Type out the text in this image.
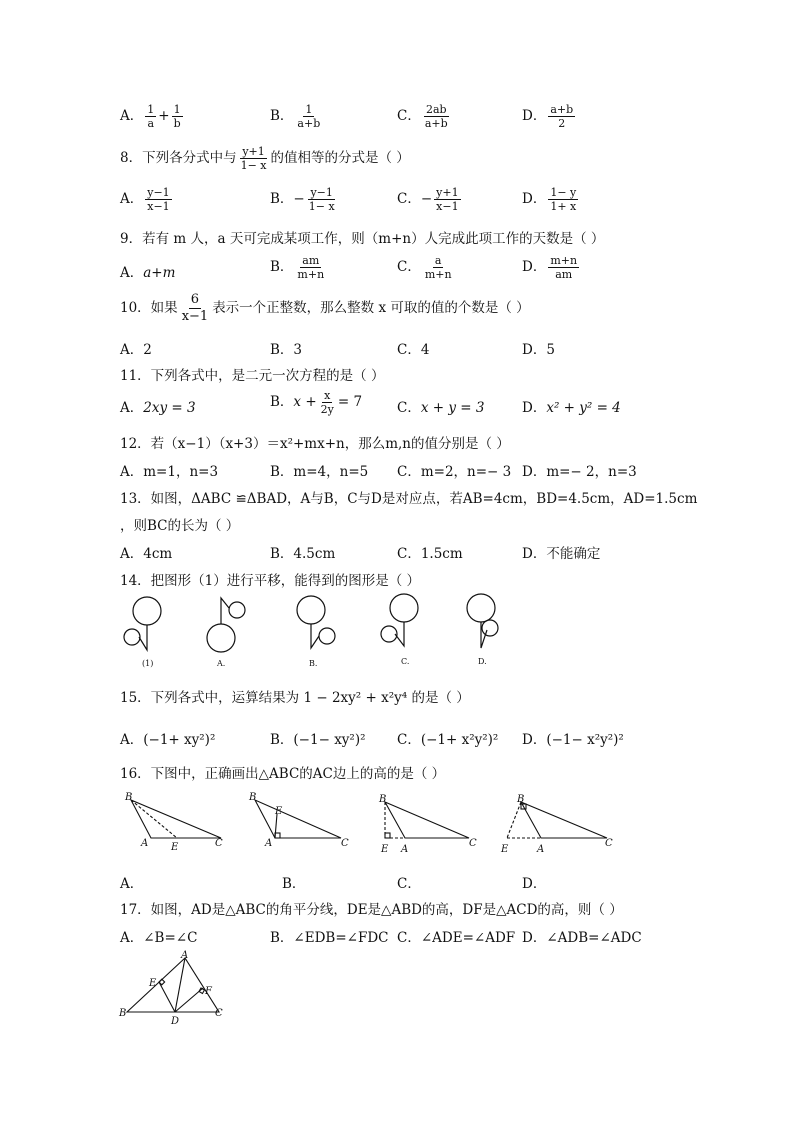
A． $\frac{1}{a} + \frac{1}{b}$	B． $\frac{1}{a+b}$	C． $\frac{2ab}{a+b}$	D． $\frac{a+b}{2}$
8．下列各分式中与 $\frac{y+1}{1- x}$ 的值相等的分式是（ ）
A． $\frac{y-1}{x-1}$	B．− $\frac{y-1}{1- x}$	C．− $\frac{y+1}{x-1}$	D． $\frac{1- y}{1+ x}$
9．若有 m 人，a 天可完成某项工作，则（m+n）人完成此项工作的天数是（ ）
A．a+m	B． $\frac{am}{m+n}$	C． $\frac{a}{m+n}$	D． $\frac{m+n}{am}$
10．如果 $\frac{6}{x-1}$ 表示一个正整数，那么整数 x 可取的值的个数是（ ）
A．2	B．3	C．4	D．5
11．下列各式中，是二元一次方程的是（ ）
A．2xy = 3	B．$x + \frac{x}{2y} = 7$	C．x + y = 3	D．x² + y² = 4
12．若（x−1）（x+3）＝x²+mx+n，那么m,n的值分别是（ ）
A．m=1，n=3	B．m=4，n=5 C．m=2，n=− 3 D．m=− 2，n=3
13．如图，ΔABC ≌ΔBAD，A与B，C与D是对应点，若AB=4cm，BD=4.5cm，AD=1.5cm
，则BC的长为（ ）
A．4cm	B．4.5cm	C．1.5cm	D．不能确定
14．把图形（1）进行平移，能得到的图形是（ ）
(1)	A.	B.	C.	D.
15．下列各式中，运算结果为 1 − 2xy² + x²y⁴ 的是（ ）
A．(−1+ xy²)²	B．(−1− xy²)² C．(−1+ x²y²)² D．(−1− x²y²)²
16．下图中，正确画出△ABC的AC边上的高的是（ ）
B
A E	C
B
E
A	C
B
E A
C
B
E	A
C
A．	B．	C．	D．
17．如图，AD是△ABC的角平分线，DE是△ABD的高，DF是△ACD的高，则（ ）
A．∠B=∠C	B．∠EDB=∠FDC C．∠ADE=∠ADF D．∠ADB=∠ADC
A
E
F
B
D
C
